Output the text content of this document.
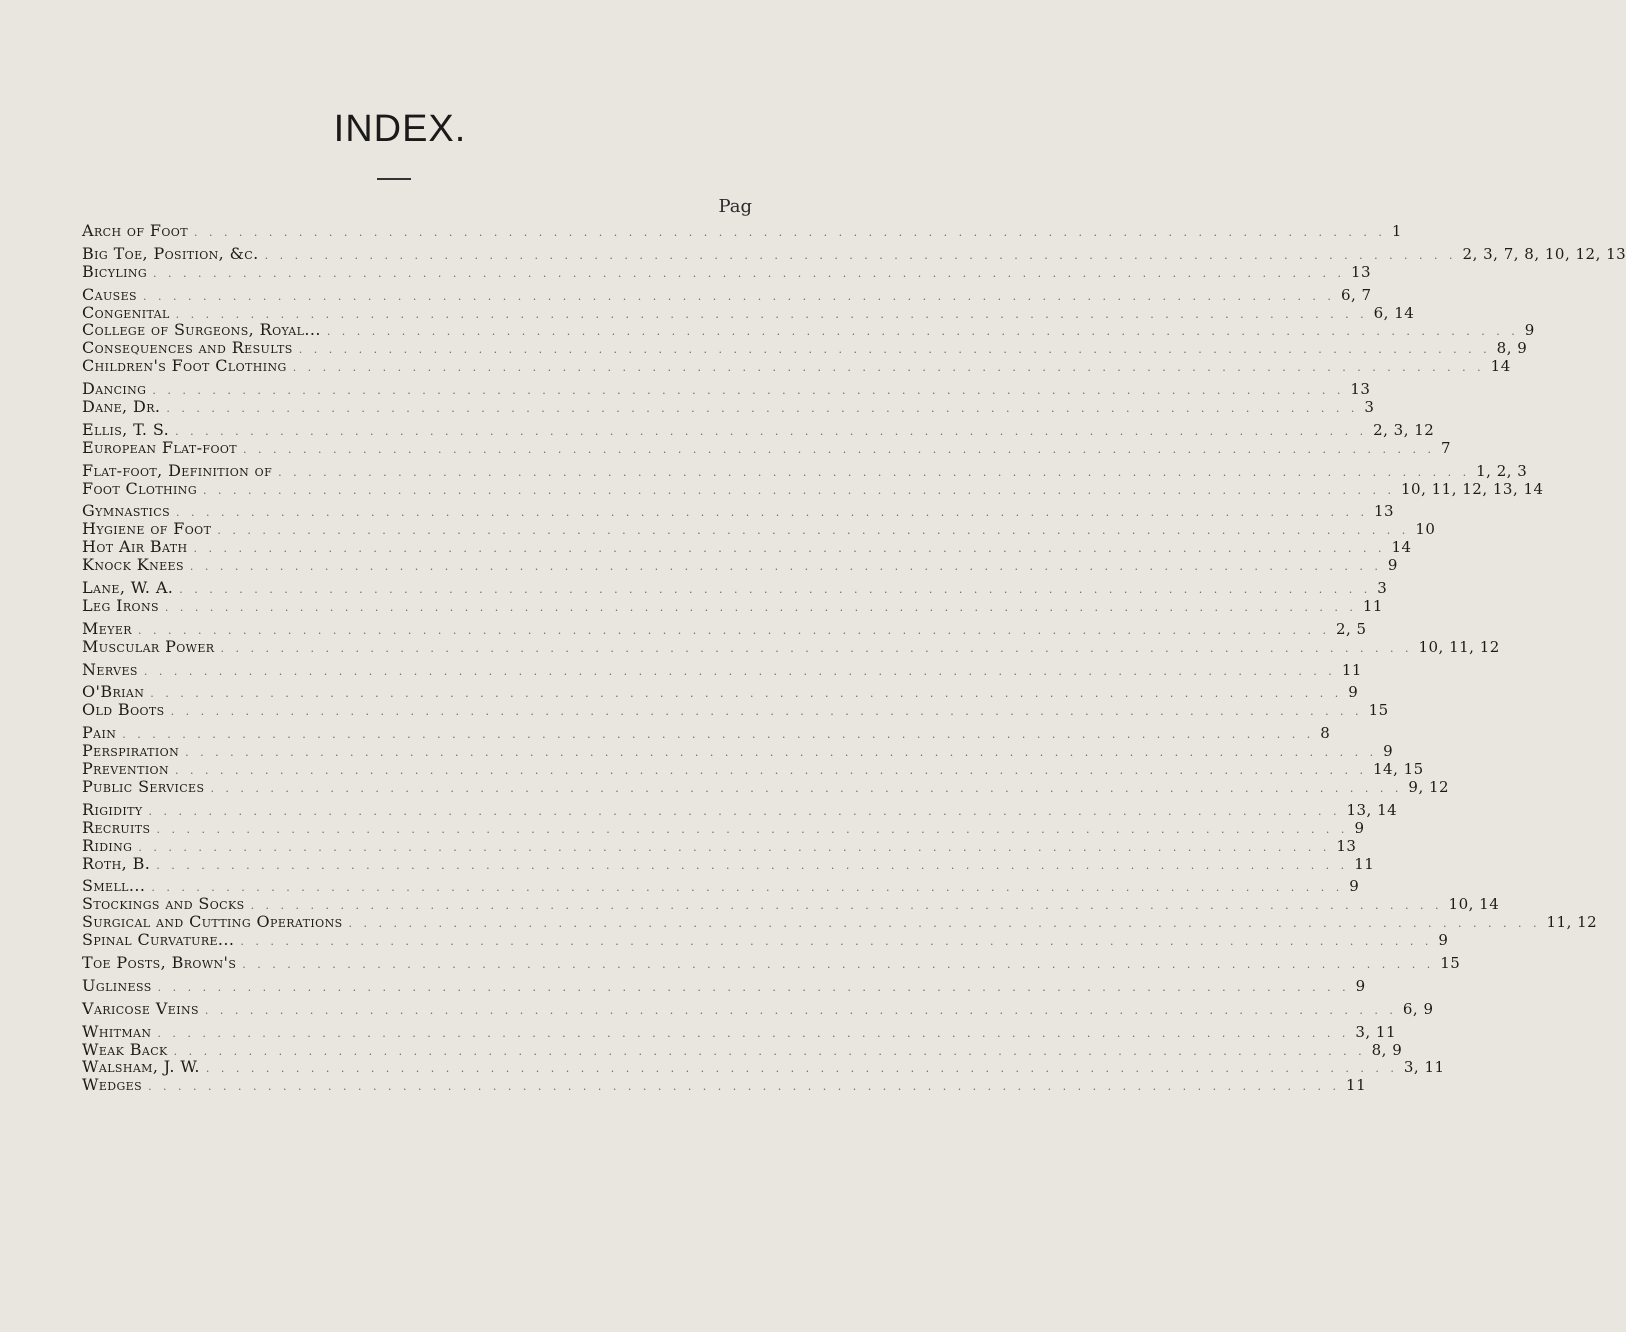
INDEX.
Pag
Arch of Foot . . . . . . . . . . . . . . . . . . . . . . . . . . . . . . . . . . . . . . . . . . . . . . . . . . . . . . . . . . . . . . . . . . . . . . . . . . . . . . . . 1
Big Toe, Position, &c. . . . . . . . . . . . . . . . . . . . . . . . . . . . . . . . . . . . . . . . . . . . . . . . . . . . . . . . . . . . . . . . . . . . . . . . . . . . . . . . . 2, 3, 7, 8, 10, 12, 13
Bicyling . . . . . . . . . . . . . . . . . . . . . . . . . . . . . . . . . . . . . . . . . . . . . . . . . . . . . . . . . . . . . . . . . . . . . . . . . . . . . . . . 13
Causes . . . . . . . . . . . . . . . . . . . . . . . . . . . . . . . . . . . . . . . . . . . . . . . . . . . . . . . . . . . . . . . . . . . . . . . . . . . . . . . . 6, 7
Congenital . . . . . . . . . . . . . . . . . . . . . . . . . . . . . . . . . . . . . . . . . . . . . . . . . . . . . . . . . . . . . . . . . . . . . . . . . . . . . . . . 6, 14
College of Surgeons, Royal... . . . . . . . . . . . . . . . . . . . . . . . . . . . . . . . . . . . . . . . . . . . . . . . . . . . . . . . . . . . . . . . . . . . . . . . . . . . . . . . . 9
Consequences and Results . . . . . . . . . . . . . . . . . . . . . . . . . . . . . . . . . . . . . . . . . . . . . . . . . . . . . . . . . . . . . . . . . . . . . . . . . . . . . . . . 8, 9
Children's Foot Clothing . . . . . . . . . . . . . . . . . . . . . . . . . . . . . . . . . . . . . . . . . . . . . . . . . . . . . . . . . . . . . . . . . . . . . . . . . . . . . . . . 14
Dancing . . . . . . . . . . . . . . . . . . . . . . . . . . . . . . . . . . . . . . . . . . . . . . . . . . . . . . . . . . . . . . . . . . . . . . . . . . . . . . . . 13
Dane, Dr. . . . . . . . . . . . . . . . . . . . . . . . . . . . . . . . . . . . . . . . . . . . . . . . . . . . . . . . . . . . . . . . . . . . . . . . . . . . . . . . . 3
Ellis, T. S. . . . . . . . . . . . . . . . . . . . . . . . . . . . . . . . . . . . . . . . . . . . . . . . . . . . . . . . . . . . . . . . . . . . . . . . . . . . . . . . . 2, 3, 12
European Flat-foot . . . . . . . . . . . . . . . . . . . . . . . . . . . . . . . . . . . . . . . . . . . . . . . . . . . . . . . . . . . . . . . . . . . . . . . . . . . . . . . . 7
Flat-foot, Definition of . . . . . . . . . . . . . . . . . . . . . . . . . . . . . . . . . . . . . . . . . . . . . . . . . . . . . . . . . . . . . . . . . . . . . . . . . . . . . . . . 1, 2, 3
Foot Clothing . . . . . . . . . . . . . . . . . . . . . . . . . . . . . . . . . . . . . . . . . . . . . . . . . . . . . . . . . . . . . . . . . . . . . . . . . . . . . . . . 10, 11, 12, 13, 14
Gymnastics . . . . . . . . . . . . . . . . . . . . . . . . . . . . . . . . . . . . . . . . . . . . . . . . . . . . . . . . . . . . . . . . . . . . . . . . . . . . . . . . 13
Hygiene of Foot . . . . . . . . . . . . . . . . . . . . . . . . . . . . . . . . . . . . . . . . . . . . . . . . . . . . . . . . . . . . . . . . . . . . . . . . . . . . . . . . 10
Hot Air Bath . . . . . . . . . . . . . . . . . . . . . . . . . . . . . . . . . . . . . . . . . . . . . . . . . . . . . . . . . . . . . . . . . . . . . . . . . . . . . . . . 14
Knock Knees . . . . . . . . . . . . . . . . . . . . . . . . . . . . . . . . . . . . . . . . . . . . . . . . . . . . . . . . . . . . . . . . . . . . . . . . . . . . . . . . 9
Lane, W. A. . . . . . . . . . . . . . . . . . . . . . . . . . . . . . . . . . . . . . . . . . . . . . . . . . . . . . . . . . . . . . . . . . . . . . . . . . . . . . . . . 3
Leg Irons . . . . . . . . . . . . . . . . . . . . . . . . . . . . . . . . . . . . . . . . . . . . . . . . . . . . . . . . . . . . . . . . . . . . . . . . . . . . . . . . 11
Meyer . . . . . . . . . . . . . . . . . . . . . . . . . . . . . . . . . . . . . . . . . . . . . . . . . . . . . . . . . . . . . . . . . . . . . . . . . . . . . . . . 2, 5
Muscular Power . . . . . . . . . . . . . . . . . . . . . . . . . . . . . . . . . . . . . . . . . . . . . . . . . . . . . . . . . . . . . . . . . . . . . . . . . . . . . . . . 10, 11, 12
Nerves . . . . . . . . . . . . . . . . . . . . . . . . . . . . . . . . . . . . . . . . . . . . . . . . . . . . . . . . . . . . . . . . . . . . . . . . . . . . . . . . 11
O'Brian . . . . . . . . . . . . . . . . . . . . . . . . . . . . . . . . . . . . . . . . . . . . . . . . . . . . . . . . . . . . . . . . . . . . . . . . . . . . . . . . 9
Old Boots . . . . . . . . . . . . . . . . . . . . . . . . . . . . . . . . . . . . . . . . . . . . . . . . . . . . . . . . . . . . . . . . . . . . . . . . . . . . . . . . 15
Pain . . . . . . . . . . . . . . . . . . . . . . . . . . . . . . . . . . . . . . . . . . . . . . . . . . . . . . . . . . . . . . . . . . . . . . . . . . . . . . . . 8
Perspiration . . . . . . . . . . . . . . . . . . . . . . . . . . . . . . . . . . . . . . . . . . . . . . . . . . . . . . . . . . . . . . . . . . . . . . . . . . . . . . . . 9
Prevention . . . . . . . . . . . . . . . . . . . . . . . . . . . . . . . . . . . . . . . . . . . . . . . . . . . . . . . . . . . . . . . . . . . . . . . . . . . . . . . . 14, 15
Public Services . . . . . . . . . . . . . . . . . . . . . . . . . . . . . . . . . . . . . . . . . . . . . . . . . . . . . . . . . . . . . . . . . . . . . . . . . . . . . . . . 9, 12
Rigidity . . . . . . . . . . . . . . . . . . . . . . . . . . . . . . . . . . . . . . . . . . . . . . . . . . . . . . . . . . . . . . . . . . . . . . . . . . . . . . . . 13, 14
Recruits . . . . . . . . . . . . . . . . . . . . . . . . . . . . . . . . . . . . . . . . . . . . . . . . . . . . . . . . . . . . . . . . . . . . . . . . . . . . . . . . 9
Riding . . . . . . . . . . . . . . . . . . . . . . . . . . . . . . . . . . . . . . . . . . . . . . . . . . . . . . . . . . . . . . . . . . . . . . . . . . . . . . . . 13
Roth, B. . . . . . . . . . . . . . . . . . . . . . . . . . . . . . . . . . . . . . . . . . . . . . . . . . . . . . . . . . . . . . . . . . . . . . . . . . . . . . . . . 11
Smell... . . . . . . . . . . . . . . . . . . . . . . . . . . . . . . . . . . . . . . . . . . . . . . . . . . . . . . . . . . . . . . . . . . . . . . . . . . . . . . . . 9
Stockings and Socks . . . . . . . . . . . . . . . . . . . . . . . . . . . . . . . . . . . . . . . . . . . . . . . . . . . . . . . . . . . . . . . . . . . . . . . . . . . . . . . . 10, 14
Surgical and Cutting Operations . . . . . . . . . . . . . . . . . . . . . . . . . . . . . . . . . . . . . . . . . . . . . . . . . . . . . . . . . . . . . . . . . . . . . . . . . . . . . . . . 11, 12
Spinal Curvature... . . . . . . . . . . . . . . . . . . . . . . . . . . . . . . . . . . . . . . . . . . . . . . . . . . . . . . . . . . . . . . . . . . . . . . . . . . . . . . . . 9
Toe Posts, Brown's . . . . . . . . . . . . . . . . . . . . . . . . . . . . . . . . . . . . . . . . . . . . . . . . . . . . . . . . . . . . . . . . . . . . . . . . . . . . . . . . 15
Ugliness . . . . . . . . . . . . . . . . . . . . . . . . . . . . . . . . . . . . . . . . . . . . . . . . . . . . . . . . . . . . . . . . . . . . . . . . . . . . . . . . 9
Varicose Veins . . . . . . . . . . . . . . . . . . . . . . . . . . . . . . . . . . . . . . . . . . . . . . . . . . . . . . . . . . . . . . . . . . . . . . . . . . . . . . . . 6, 9
Whitman . . . . . . . . . . . . . . . . . . . . . . . . . . . . . . . . . . . . . . . . . . . . . . . . . . . . . . . . . . . . . . . . . . . . . . . . . . . . . . . . 3, 11
Weak Back . . . . . . . . . . . . . . . . . . . . . . . . . . . . . . . . . . . . . . . . . . . . . . . . . . . . . . . . . . . . . . . . . . . . . . . . . . . . . . . . 8, 9
Walsham, J. W. . . . . . . . . . . . . . . . . . . . . . . . . . . . . . . . . . . . . . . . . . . . . . . . . . . . . . . . . . . . . . . . . . . . . . . . . . . . . . . . . 3, 11
Wedges . . . . . . . . . . . . . . . . . . . . . . . . . . . . . . . . . . . . . . . . . . . . . . . . . . . . . . . . . . . . . . . . . . . . . . . . . . . . . . . . 11
